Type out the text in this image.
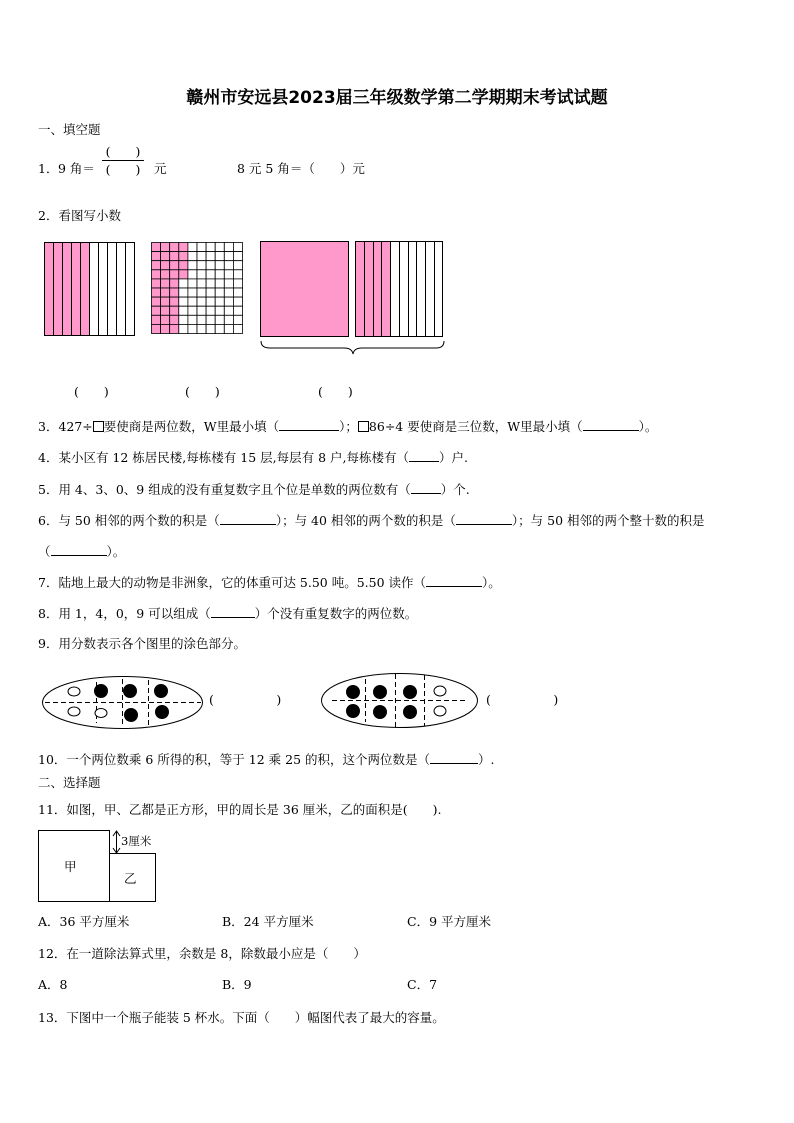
赣州市安远县2023届三年级数学第二学期期末考试试题
一、填空题
1． 9 角＝
(　　)
(　　) 元	8 元 5 角＝（　　）元
2．看图写小数
(　　)	(　　)	(　　)
3．427÷ 要使商是两位数，W里最小填（	）； 86÷4 要使商是三位数，W里最小填（	）。
4．某小区有 12 栋居民楼,每栋楼有 15 层,每层有 8 户,每栋楼有（ ）户.
5．用 4、3、0、9 组成的没有重复数字且个位是单数的两位数有（ ）个.
6．与 50 相邻的两个数的积是（	）；与 40 相邻的两个数的积是（	）；与 50 相邻的两个整十数的积是
（	）。
7．陆地上最大的动物是非洲象，它的体重可达 5.50 吨。5.50 读作（	）。
8．用 1，4，0，9 可以组成（	）个没有重复数字的两位数。
9．用分数表示各个图里的涂色部分。
(　　　　　)	(　　　　　)
10．一个两位数乘 6 所得的积，等于 12 乘 25 的积，这个两位数是（	）.
二、选择题
11．如图，甲、乙都是正方形，甲的周长是 36 厘米，乙的面积是(　　).
甲
乙
3厘米
A．36 平方厘米	B．24 平方厘米	C．9 平方厘米
12．在一道除法算式里，余数是 8，除数最小应是（　　）
A．8	B．9	C．7
13．下图中一个瓶子能装 5 杯水。下面（　　）幅图代表了最大的容量。
